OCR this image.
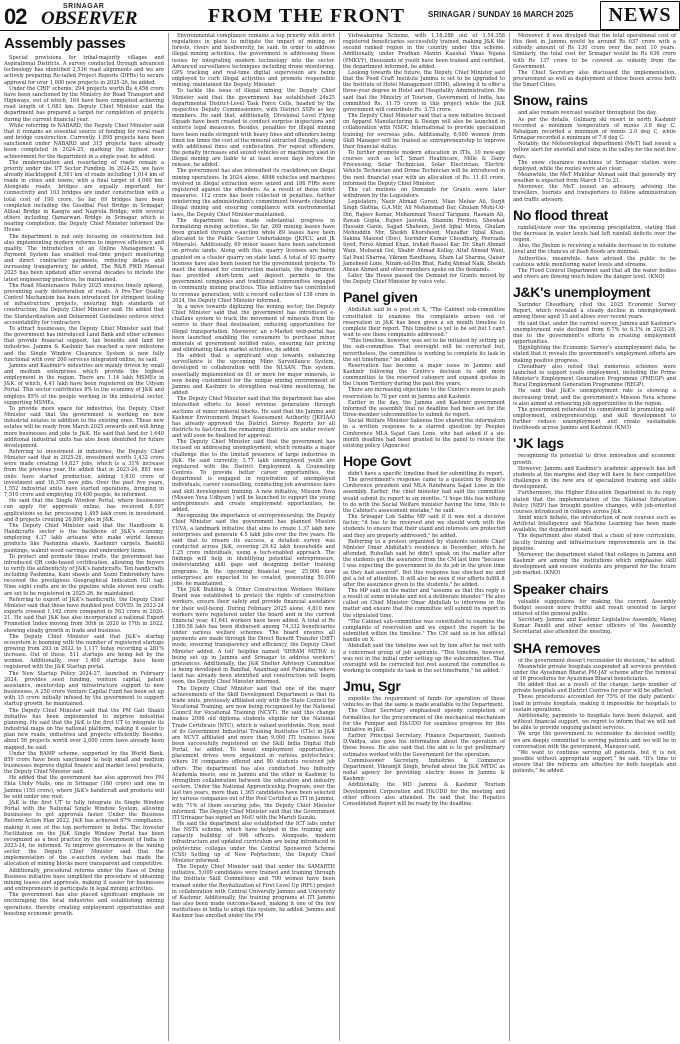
02	SRINAGAR
OBSERVER	FROM THE FRONT	SRINAGAR / SUNDAY 16 MARCH 2025	NEWS
Assembly passes

Special provisions for tribal-majority villages and Aspirational Districts. A survey conducted through advanced technology has identified 2,536 road alignments and we are actively preparing Re-tailed Project Reports (DPRs) to secure approval for over 1,000 new projects in 2025-26, he added.

Under the CRIF scheme, 294 projects worth Rs 4,456 crore have been sanctioned by the Ministry for Road Transport and Highways, out of which, 164 have been completed achieving road length of 1,081 km. Deputy Chief Minister said the department has prepared a target for completion of projects during the current financial year.

While referring to NABARD, the Deputy Chief Minister said that it remains an essential source of funding for rural road and bridge construction. Currently, 1,895 projects have been sanctioned under NABARD and 315 projects have already been completed in 2024-25, marking the highest ever achievement for the department in a single year, he added.

The modernization and resurfacing of roads remain a priority under the UT Sector Funding. In 2024-25, we have already blacktopped 8,561 km of roads including 1,014 km of roads in cities and towns, with a final target of 4,060 km. Alongside roads, bridges are equally important for connectivity and 103 bridges are under construction with a total cost of 190 crore. So far, 69 bridges have been completed including the Goodbal Foot Bridge in Srinagar, Aliloal Bridge in Kangra and Nagrota Bridge, with several others including Qamarwari Bridge in Srinagar which is nearing completion, the Deputy Chief Minister informed the House.

The department is not only focusing on construction but also implementing modern reforms to improve efficiency and quality. The introduction of an Online Management & Payment System has enabled real-time project monitoring and direct contractor payments, reducing delays and increasing transparency, he added. The R&B PWD Manual 2025 has been updated after several decades to include the latest engineering practices, he maintained.

The Road Maintenance Policy 2025 ensures timely upkeep, preventing early deterioration of roads. A Pro-Tier Quality Control Mechanism has been introduced for stringent testing of infrastructure projects, ensuring high standards of construction, the Deputy Chief Minister said. He added that the Standardization and Debarment Guidelines enforce strict accountability for contractors.

To attract businesses, the Deputy Chief Minister said that the government has introduced Land Bank and other schemes that provide financial support, tax benefits and land for industries. Jammu & Kashmir has reached a new milestone and the Single Window Clearance System is now fully functional with over 200 services integrated online, he said.

Jammu and Kashmir's industries are mainly driven by small and medium enterprises which provide the highest employment in the region. There are 1.14 lakh MSMEs in J&K, of which, 4.41 lakh have been registered on the Udyam Portal. This sector contributes 8% to the economy of J&K and employs 85% of the people working in the industrial sector, supporting MSMEs.

To provide more space for industries, the Deputy Chief Minister said that the government is working on new industrial estates in addition to the existing ones. These new estates will be ready from March 2025 onwards and will bring more businesses and jobs to J&K. He said that land for 1,640 additional industrial units has also been identified for future development.

Referring to investment in industries, the Deputy Chief Minister said that in 2025-26, investment worth 1,432 crore were made creating 14,827 jobs, which is a 31% increase from the previous year. He added that in 2023-24, 881 new units have started production, adding 1,630 crore of investment and 16,370 new jobs. Over the past five years, 1,552 industrial units have started operations, bringing in 7,510 crore and employing 19,400 people, he informed.

He said that the Single Window Portal, where businesses can apply for approvals online, has received 8,097 applications so far, processing 1,495 lakh crore in investment and 8 projects creating 26,800 jobs in J&K.

The Deputy Chief Minister said that the Handloom & Handicrafts sector is the backbone of J&K's economy, employing 4.37 lakh artisans who make world famous products like Pashmina shawls, Kashmiri carpets, Basohli paintings, walnut wood carvings and embroidery items.

To protect and promote these crafts, the government has introduced QR code-based certification, allowing the buyers to verify the authenticity of J&K's handicrafts. Ten handicrafts including Pashmina, Kani shawls and Sozni Embroidery have received the prestigious Geographical Indication (GI) tag. Nine eight crafts are in the pipeline while eleven new crafts are set to be registered in 2025-26, he maintained.

Referring to export of J&K's handicrafts, the Deputy Chief Minister said that these have doubled post COVID. In 2023-24 exports crossed 1,162 crore compared to 563 crore in 2020-21. He said that J&K has also incorporated a national Export Promotion Index moving from 30th in 2020 to 17th in 2022, showing steady growth in trade and business.

The Deputy Chief Minister said that J&K's startup ecosystem is booming with the number of registered startups growing from 293 in 2022 to 1,117 today recording a 281% increase. Out of these, 511 startups are being led by the women. Additionally, over 1,400 startups have been registered with the J&K Startup portal.

The New Startup Policy 2024-27, launched in February 2024, provides seed funding, venture capital, patent assistance, mentorship and infrastructure support to new businesses. A 250 crore Venture Capital Fund has been set up with 15 crore initially infused by the government to support startup growth, he maintained.

The Deputy Chief Minister said that the PM Gati Shakti Initiative has been implemented to improve industrial planning. He said that the J&K is the first UT to integrate its industrial maps on the national platform, making it easier to plan new roads, industries and projects efficiently. Besides, about 56 projects worth over 2,000 crore have already been mapped, he said.

Under the RAMP scheme, supported by the World Bank, 859 crore have been sanctioned to help small and medium businesses improve digital finance and market level products, the Deputy Chief Minister said.

He added that the government has also approved two PM Ekta Unity Malls, one in Srinagar (180 crore) and one in Jammu (155 crore), where J&K's handicraft and products will be sold under one roof.

J&K is the first UT to fully integrate its Single Window Portal with the National Single Window System, allowing businesses to get approvals faster. Under the Business Reform Action Plan 2022, J&K has achieved 97% compliance, making it one of the top performers in India. The Investor Facilitation on the J&K Single Window Portal has been recognized as a best practice by the Government of India in 2023-24, he informed. To improve governance in the mining sector, the Deputy Chief Minister said that the implementation of the e-auction system has made the allocation of mining blocks more transparent and competitive.

Additionally, procedural reforms under the Ease of Doing Business initiative have simplified the procedure of obtaining mining leases and approvals, making it easier for businesses and entrepreneurs to participate in legal mining activities.

The government has also placed significant emphasis on encouraging the local industries and establishing mining operations, thereby creating employment opportunities and boosting economic growth.

Environmental compliance remains a top priority with strict regulations in place to mitigate the impact of mining on forests, rivers and biodiversity, he said. In order to address illegal mining activities, the government is addressing these issues by integrating modern technology into the sector. Advanced surveillance techniques including drone monitoring, GPS tracking and real-time digital supervision are being employed to curb illegal activities and promote responsible mining, maintained the Deputy Minister.

To tackle the issue of illegal mining, the Deputy Chief Minister said that the government has established 24x25 departmental District-Level Task Force Cells, headed by the respective Deputy Commissioners, with District SSPs as key members. He said that, additionally, Divisional Level Flying Squads have been created to conduct surprise inspections and enforce legal measures. Besides, penalties for illegal mining have been made stringent with heavy fines and offenders being fined ten times the cost of the mineral extracted illegally, along with additional fines and confiscation. For repeat offenders, the penalty increases and seized vehicles or machinery used in illegal mining are liable to at least seven days before the release, he added.

The government has also intensified its crackdown on illegal mining operations. In 2024 alone, 4846 vehicles and machines involved in illegal extraction were seized and 186 FIRs were registered against the offenders. As a result of these strict measures, 112 crore has been collected in penalties, further reinforcing the administration's commitment towards checking illegal mining and ensuring compliance with environmental laws, the Deputy Chief Minister maintained.

The department has made substantial progress in formalizing mining activities. So far, 269 mining leases have been granted through e-auction while 89 leases have been allocated to the Public Sector Undertakings (JKPCC and JK Minerals). Additionally, 69 minor leases have been sanctioned on private lands. Along with this, quarry licenses are being granted on a cluster quarry on state land. A total of 93 quarry licenses have also been issued for the government projects. To meet the demand for construction materials, the department has provided short-term and deposit permits to the government companies and traditional communities engaged in community mining practices. This initiative has contributed to revenue generation, with a record collection of 138 crore in 2024, the Deputy Chief Minister informed.

In a move towards digitizing the mining sector, the Deputy Chief Minister said that the government has introduced e-challans system to track the movement of minerals from the source to their final destination, reducing opportunities for illegal transportation. Moreover, an e-Market web-portal has been launched enabling the consumers to purchase minor minerals at government notified rates, ensuring fair pricing and eliminating black market activities, he added.

He added that a significant step towards enhancing surveillance is the upcoming Mine Surveillance System, developed in collaboration with the NLSAN. This system, essentially implemented on 81 or more for major minerals, is now being customized for the unique mining environment of Jammu and Kashmir to strengthen real-time monitoring, he added.

The Deputy Chief Minister said that the department has also intensified efforts to boost revenue generation through auctions of minor mineral blocks. He said that the Jammu and Kashmir Environment Impact Assessment Authority (JKEIAA) has already approved the District Survey Reports for all districts to fast-track the remaining districts are under review and will soon be finalized for approval.

The Deputy Chief Minister said that the government has focused on addressing unemployment, which remains a major challenge due to the limited presence of large industries in J&K. He said currently, 3.77 lakh unemployed youth are registered with the District Employment & Counseling Centres. To provide better career opportunities, the department is engaged in registration of unemployed individuals, career counselling, conducting job awareness fairs and skill development training. A new initiative, Mission Yuva (Mission Yuva Udhyam ) will be launched to support the young entrepreneurs and create employment opportunities, he added.

Recognizing the importance of entrepreneurship, the Deputy Chief Minister said the government has planned Mission YUVA, a landmark initiative that aims to create 1.37 lakh new enterprises and generate 4.5 lakh jobs over the five years. He said that to ensure its success, a detailed survey was conducted across J&K, covering 29.42 lakh households and 1.25 crore individuals, using a tech-enabled approach. The findings will help in identifying potential entrepreneurs, understanding skill gaps and designing better training programs. In the upcoming financial year, 25,000 new enterprises are expected to be created, generating 50,000 jobs, he maintained.

The J&K Building & Other Construction Workers Welfare Board was established to protect the rights of construction workers, ensure their safety and provide financial assistance for their well-being. During February 2025 alone, 4,810 new workers were registered under the board and in the current financial year, 41,641 workers have been added. A total of Rs 1380.58 lakh has been disbursed among 74,332 beneficiaries under various welfare schemes. The board ensures all payments are made through the Direct Benefit Transfer (DBT) mode, ensuring transparency and efficiency, the Deputy Chief Minister added. A toll' helpline named 'SHRAM MITRA' is being set up in Jammu and Srinagar to address workers' grievances. Additionally, the J&K Shelter Advisory Committee is being developed in Banihal, Anantnag and Pulwama, where land has already been identified and construction will begin soon, the Deputy Chief Minister informed.

The Deputy Chief Minister said that one of the major achievements of the Skill Development Department is that its trade units, previously affiliated only with the State Council for Vocational Training, are now being recognized by the National Council for Vocational Training (NCVT). He said this change makes 2006 old diploma students eligible for the National Trade Certificate (NTC), which is valued worldwide. Now, most of its Government Industrial Training Institutes (ITIs) in J&K are NCVT affiliated and more than 9,000 ITI trainees have been successfully registered on the Skill India Digital Hub Portal, he added. To boost employment opportunities, placement drives were organized in various polytechnics, where 16 companies offered and 80 students received job offers. The department has also conducted two Industry Academia meets, one in Jammu and the other in Kashmir, to strengthen collaboration between the education and industry sectors. Under the National Apprenticeship Program, over the last two years, more than 1,365 candidates have been selected by various companies out of the Pool Certified as ITI in Jammu, with 71% of them securing jobs, the Deputy Chief Minister informed. The Deputy Chief Minister said that the Government ITI Srinagar has signed an MoU with the Maruti Suzuki.

He said the department also established the ICT labs under the NSTS scheme, which have helped in the training and capacity building of 996 officers. Alongside, modern infrastructure and updated curriculum are being introduced in polytechnic colleges under the Central Sponsored Scheme (CSS) Setting up of New Polytechnic, the Deputy Chief Minister informed.

The Deputy Chief Minister said that under the SAMARTH initiative, 5,000 candidates were trained and training through the Institute Skill Committees and 700 women have been trained under the Revitalization of First Level Up (RFL) project in collaboration with Central University Jammu and University of Kashmir. Additionally, the training programs at ITI Jammu has also been made outcome-based, making it one of the few institutions in India to adopt this system, he added. Jammu and Kashmir has enrolled under the PM

Vishwakarma Scheme, with 1,18,286 out of 1,54,358 registered beneficiaries successfully trained, making J&K the second ranked region in the country under this scheme. Additionally, under Pradhan Mantri Kaushal Vikas Yojana (PMKVY), thousands of youth have been trained and certified, the department informed, he added.

Looking towards the future, the Deputy Chief Minister said that the Food Craft Institute Jammu is set to be upgraded to the Institute of Hotel Management (IHM), allowing it to offer a three-year degree in Hotel and Hospitality Administration. He said that the Ministry of Tourism, Government of India, has committed Rs. 11.75 crore to this project while the J&K government will contribute Rs. 3.75 crore.

The Deputy Chief Minister said that a new initiative focused on Apparel Manufacturing & Design will also be launched in collaboration with NSDC International to provide specialized training for overseas jobs. Additionally, 6,000 women from Skill Manager will be trained as entrepreneurship to improve their financial status.

To further promote modern education in ITIs, 10 new-age courses such as IoT, Smart Healthcare, Mille & Dairy Processing, Solar Technician, Solar Electrician, Electric Vehicle Technician and Drone Technician will be introduced in the next financial year with an allocation of Rs. 11.45 crore, informed the Deputy Chief Minister.

The cut motions on Demands for Grants were later withdrawn by the Legislators.

Legislators, Nazir Ahmad Gurezi, Mian Mehar Ali, Surjit Singh Slathia, G.A.Mir, Ali Mohammad Dar, Ghulam Mohi-Ud-Din, Rajeev Kumar, Mohammad Yousuf Tarigami, Hasnain Ali, Pawan Gupta, Rajeev Jasrotia, Shamim Firdous, Showkat Hussain Ganie, Sajjad Shaheen, Javid Iqbal Mirza, Ghulam Mohiuddin Mir, Sheikh Khursheed, Muzaffar Iqbal Khan, Sakina Masood (Itoo), Surinder Kumar Choudhary, Peerzada Syed, Feroz Ahmad Khan, Irshad Rasool Kar, Dr. Shafi Ahmad Wani, Mubarak Gul, Shabir Ahmad Kullay, Altaf Ahmad Wani, Sat Paul Sharma, Vikram Randhawa, Sham Lal Sharma, Qaiser Jamsheed Lone, Nizam-ud-Din Bhat, Rafiq Ahmad Naik, Sheikh Ahsan Ahmed and other members spoke on the demands.

Later, the House passed the Demand for Grants moved by the Deputy Chief Minister by voice vote.

Panel given

Abdullah said in a post on X, "The Cabinet sub-committee constituted to examine the complaints arisen out of reservation in J&K has been given a six month timeline to complete their report. This timeline is yet to be set but I can't wait to see these complaints addressed."

"This timeline, however, was set to be initiated by setting up the sub-committee. That oversight will be corrected but, nevertheless, the committee is working to complete its task in the set timeframe," he added.

Reservation has become a major issue in Jammu and Kashmir following the Centre's decision to add more communities to the reserved category and expand quotas in the Union Territory during the past five years.

There are increasing objections to the Centre's move to push reservation to 70 per cent in Jammu and Kashmir.

Earlier in the day, the Jammu and Kashmir government informed the assembly that no deadline had been set for the three-member subcommittee to submit its report.

Social Welfare Minister Sakeena Itoo shared the information in a written response to a starred question by Peoples Conference MLA Sajad Gani Lone, who had asked if a six-month deadline had been granted to the panel to review the existing policy. (Agencies)

Hope Govt

didn't have a specific timeline fixed for submitting its report.

The government's response came to a question by People's Conference president and MLA Handwara Sajad Lone in the assembly. Earlier, the chief minister had said the committee would submit its report in six months. "I hope this has nothing to do with the Social Welfare minister having the time, this is the Cabinet's assessment mistake," he said.

The Srinagar Lok Sabha MP said if it was not a decisive factor, "it has to be reversed and we should work with the students to ensure that their stand and interests are protected and they are properly addressed," he added.

Referring to a protest organized by students outside Chief Minister Omar Abdullah's residence in December, which he attended, Ruhullah said he didn't speak on the matter after the students got the assurance from the CM last time "because I was expecting the government to do its job in the given time as they had assured". But this response has shocked me and got a lot of attention. It will also be seen if our efforts fulfill it after the assurance given to the students," he added.

The MP said on the matter and "assume us that this reply is a result of some mistake and not a deliberate blunder." He also called on Chief Minister Omar Abdullah to intervene in the matter and ensure that the committee will submit its report in the stipulated time.

"The Cabinet sub-committee was constituted to examine the complaints of reservation and we expect the report to be submitted within the timeline." The CM said so in his official handle on X.

Abdullah said the timeline was set by him after he met with a concerned group of job aspirants. "This timeline, however, was not in the initial order setting up the subcommittee. That oversight will be corrected but rest assured the committee is working to complete its task in the set timeframe," he added.

Jmu, Sgr

expedite the requirement of funds for operation of these vehicles so that the same is made available to the Department.

The Chief Secretary emphasised speedy completion of formalities for the procurement of the mechanical mechanism for the Pumpur and H&UDD for seamless progress for this initiative in J&K.

Earlier, Principal Secretary, Finance Department, Santosh D.Vaidya, also gave his information about the operation of these buses. He also said that the aim is to get preliminary estimates worked with the Government for the operation.

Commissioner Secretary, Industries & Commerce Department, Vikramjit Singh, briefed about the J&K MTDC as nodal agency for providing electric buses in Jammu & Kashmir.

Additionally, the MD Jammu & Kashmir Tourism Development Corporation and H&UDD for the meeting and other officers also attended. He said that the Hepatics Consolidated Report will be ready by the deadline.

Moreover, it was divulged that the total operational cost of this fleet in Jammu would be around Rs 637 crore with a subsidy amount of Rs 130 crore over the next 10 years. Similarly, the total cost for Srinagar would be Rs 636 crore with Rs 137 crore to be covered as subsidy from the Government.

The Chief Secretary also discussed the implementation, procurement as well as deployment of these buses across both the Smart Cities.

Snow, rains

and also remain overcast weather throughout the day.

As per the details, Gulmarg ski resort in north Kashmir recorded a minimum temperature of minus 3.8 deg C. Pahalgam recorded a minimum of minus 2.0 deg C, while Srinagar recorded a minimum of 7.6 deg C.

Notably, the Meteorological department (MeT) had issued a yellow alert for snowfall and rains in the valley for the next few days.

The snow clearance machines of Srinagar station were deployed, while the routes were also clear.

Meanwhile, the MeT Mukhtar Ahmad said that generally dry weather is expected from March 17 to 21.

Moreover, the MeT issued an advisory, advising the travellers, tourists and transporters to follow administration and traffic advisory.

No flood threat

rainfall/snow over the upcoming precipitation, stating that the decrease in water levels had left rainfall deficits over the region.

Also, the Jhelum is receiving a notable decrease in its volume level and the chances of flash floods are minimal.

Authorities, meanwhile, have advised the public to be cautious while monitoring water levels and streams.

The Flood Control Department said that all the water bodies and rivers are flowing much below the danger level. (KNO)

J&K's unemployment

Surinder Choudhary, cited the 2025 Economic Survey Report, which revealed a steady decline in unemployment among those aged 15 and above over recent years.

He said that, under the current survey, Jammu and Kashmir's unemployment rate declined from 6.7% to 6.1% in 2023-24, due to the government's efforts in creating employment opportunities.

Highlighting the Economic Survey's unemployment data, he stated that it reveals the government's employment efforts are making positive progress.

Choudhary also noted that numerous schemes were launched to support youth employment, including the Prime Minister's Employment Generation Programme (PMEGP) and Rural Employment Generation Programme (REGP).

He said that J&K's unemployment rate is showing a decreasing trend, and the government's Mission Yuva scheme is also aimed at enhancing job opportunities in the region.

The government reiterated its commitment to promoting self-employment, entrepreneurship, and skill development to further reduce unemployment and create sustainable livelihoods across Jammu and Kashmir. (KNO)

'JK lags

recognizing its potential to drive innovation and economic growth.

However, Jammu and Kashmir's academic approach has left students at the margins and they will have to face competitive challenges in the new era of specialized training and skills development.

Furthermore, the Higher Education Department in its reply stated that the implementation of the National Education Policy (NEP) has brought positive changes, with job-oriented courses introduced in colleges across J&K.

Amid much debate, the introduction of new courses such as Artificial Intelligence and Machine Learning has been made available, the department said.

The department also stated that a chain of new curriculum, faculty training and infrastructure improvements are in the pipeline.

Moreover, the department stated that colleges in Jammu and Kashmir are among the institutions which emphasise skill development and ensure students are prepared for the future job market. (KNO)

Speaker chairs

valuable suggestions for making the current Assembly Budget session more fruitful and result oriented in larger interest of the general public.

Secretary, Jammu and Kashmir Legislative Assembly, Manoj Kumar Pandit and other senior officers of the Assembly Secretariat also attended the meeting.

SHA removes

of the government doesn't reconsider its decision," he added.

Meanwhile private hospitals suspended all services provided under the Ayushman Bharat PM-JAY scheme after the removal of 16 procedures for Ayushman Bharat beneficiaries.

He added that as a result of the change, large number of private hospitals and District Centres for poor will be affected.

These procedures accounted for 75% of the daily patients' load in private hospitals, making it impossible for hospitals to sustain operations.

Additionally, payments to hospitals have been delayed, and without financial support, we regret to inform that we will not be able to provide ongoing patient services.

We urge the government to reconsider its decision swiftly, we are deeply committed to serving patients and we will be in conversation with the government, Manzoor said.

"We want to continue serving all patients, but it is not possible without appropriate support," he said. "It's time to ensure that the reforms are effective for both hospitals and patients," he added.
